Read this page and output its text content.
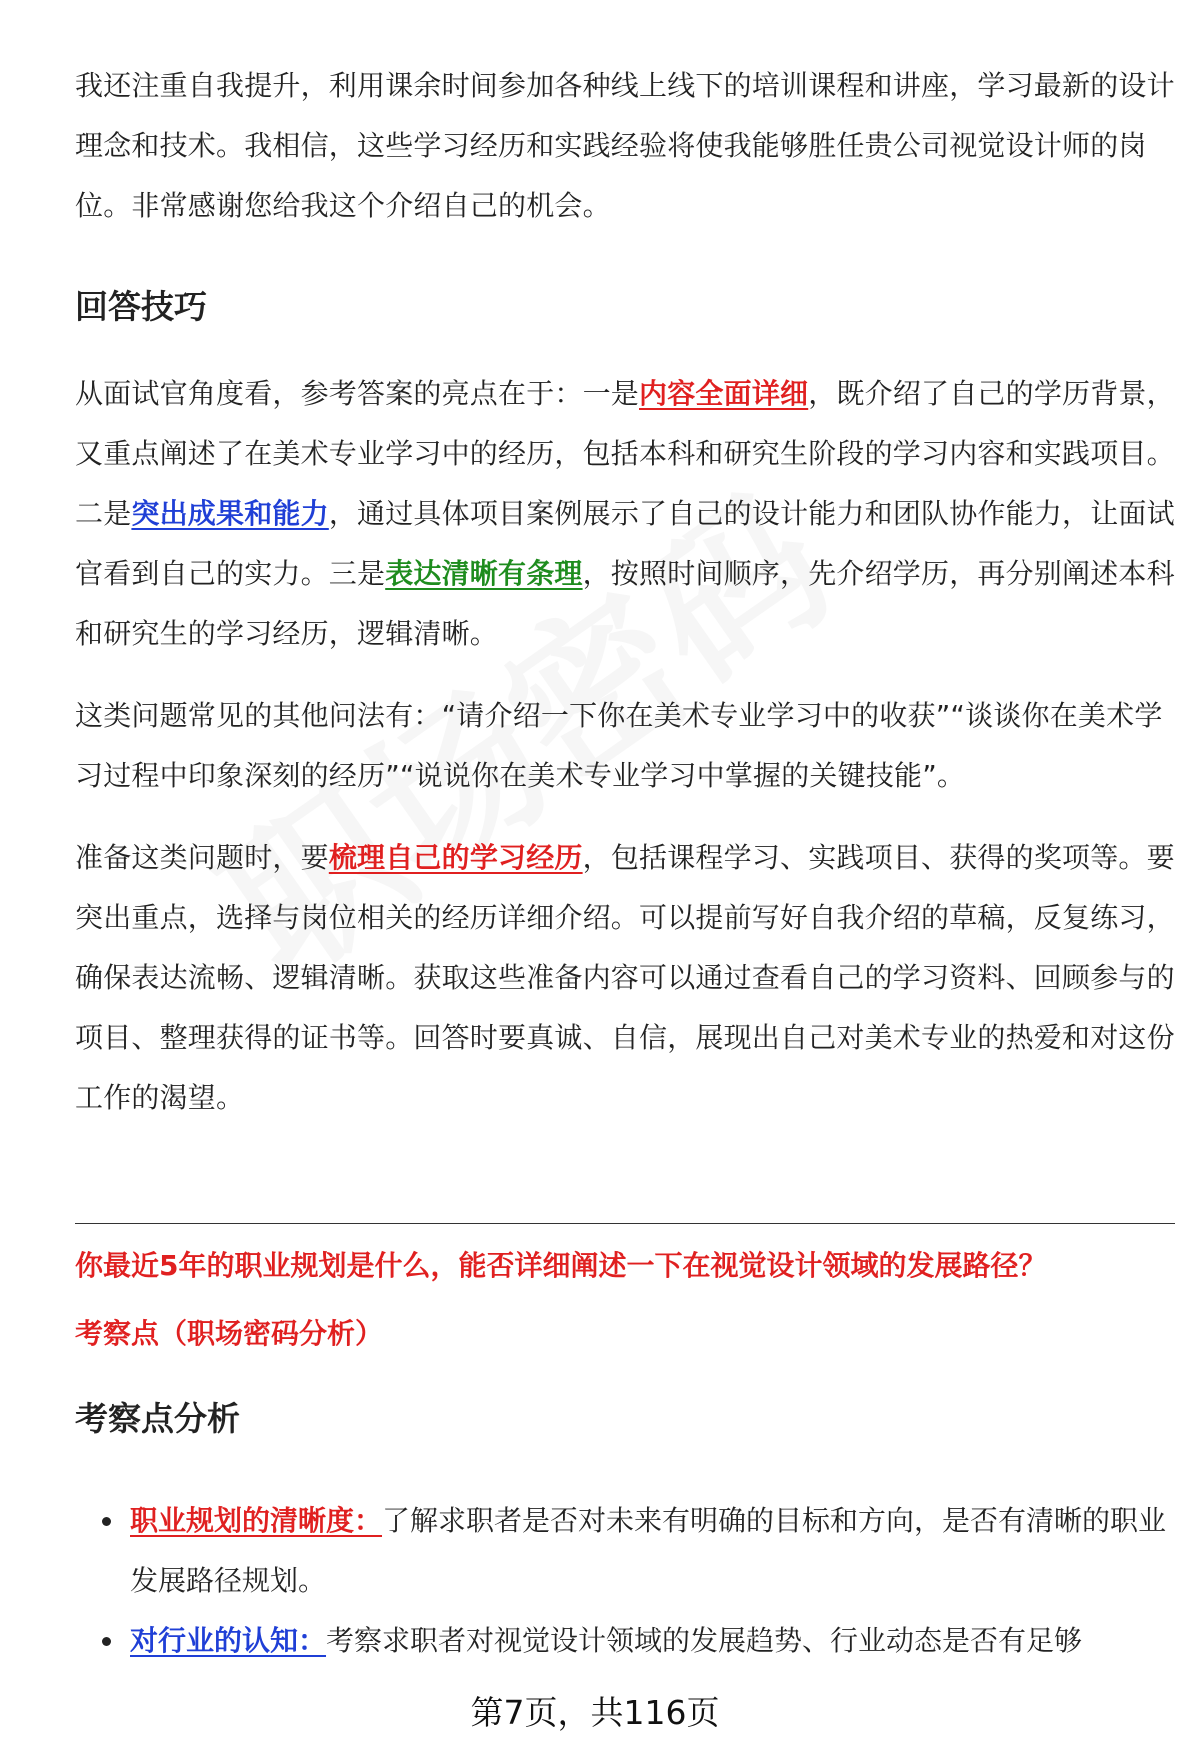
我还注重自我提升，利用课余时间参加各种线上线下的培训课程和讲座，学习最新的设计理念和技术。我相信，这些学习经历和实践经验将使我能够胜任贵公司视觉设计师的岗位。非常感谢您给我这个介绍自己的机会。

回答技巧

从面试官角度看，参考答案的亮点在于：一是内容全面详细，既介绍了自己的学历背景，又重点阐述了在美术专业学习中的经历，包括本科和研究生阶段的学习内容和实践项目。二是突出成果和能力，通过具体项目案例展示了自己的设计能力和团队协作能力，让面试官看到自己的实力。三是表达清晰有条理，按照时间顺序，先介绍学历，再分别阐述本科和研究生的学习经历，逻辑清晰。

这类问题常见的其他问法有：“请介绍一下你在美术专业学习中的收获”“谈谈你在美术学习过程中印象深刻的经历”“说说你在美术专业学习中掌握的关键技能”。

准备这类问题时，要梳理自己的学习经历，包括课程学习、实践项目、获得的奖项等。要突出重点，选择与岗位相关的经历详细介绍。可以提前写好自我介绍的草稿，反复练习，确保表达流畅、逻辑清晰。获取这些准备内容可以通过查看自己的学习资料、回顾参与的项目、整理获得的证书等。回答时要真诚、自信，展现出自己对美术专业的热爱和对这份工作的渴望。

你最近5年的职业规划是什么，能否详细阐述一下在视觉设计领域的发展路径？

考察点（职场密码分析）

考察点分析
职业规划的清晰度：了解求职者是否对未来有明确的目标和方向，是否有清晰的职业发展路径规划。
对行业的认知：考察求职者对视觉设计领域的发展趋势、行业动态是否有足够
第7页，共116页
